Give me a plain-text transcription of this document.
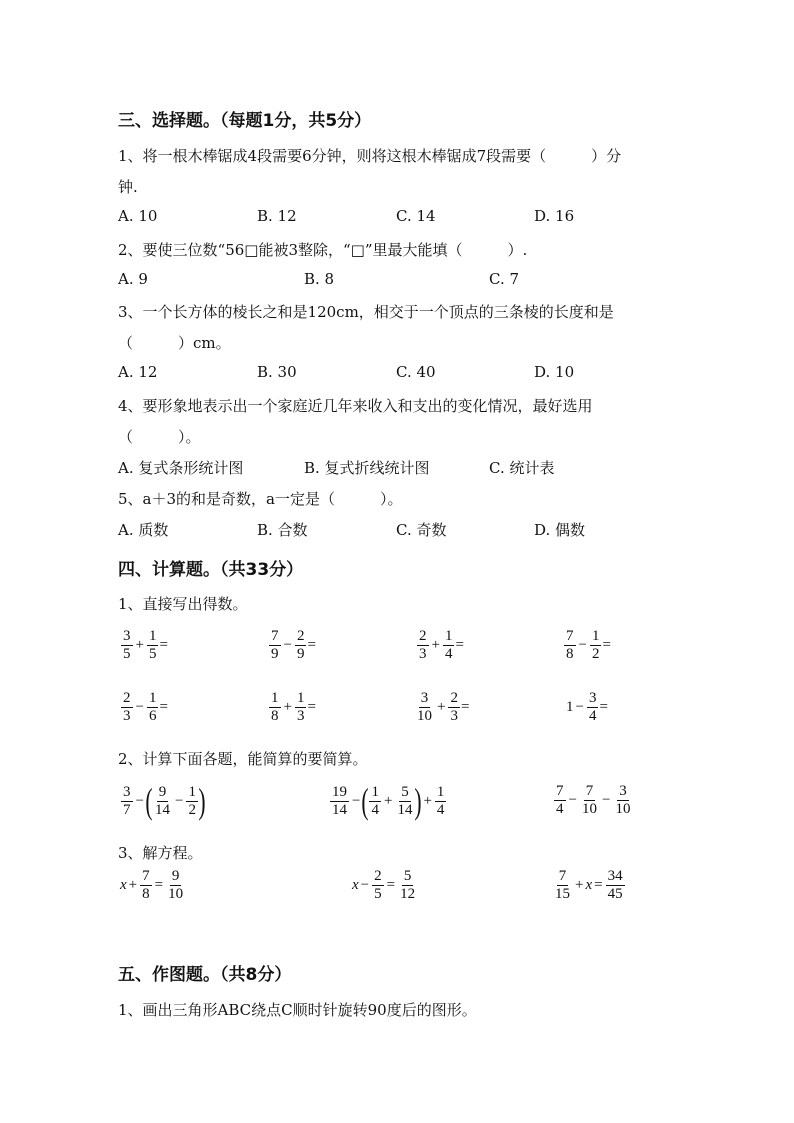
三、选择题。（每题1分，共5分）
1、将一根木棒锯成4段需要6分钟，则将这根木棒锯成7段需要（　　　）分
钟.
A. 10	B. 12	C. 14	D. 16
2、要使三位数“56□能被3整除，“□”里最大能填（　　　）.
A. 9	B. 8	C. 7
3、一个长方体的棱长之和是120cm，相交于一个顶点的三条棱的长度和是
（　　　）cm。
A. 12	B. 30	C. 40	D. 10
4、要形象地表示出一个家庭近几年来收入和支出的变化情况，最好选用
（　　　）。
A. 复式条形统计图	B. 复式折线统计图	C. 统计表
5、a＋3的和是奇数，a一定是（　　　）。
A. 质数	B. 合数	C. 奇数	D. 偶数
四、计算题。（共33分）
1、直接写出得数。
$\frac{3}{5} + \frac{1}{5}$ =	$\frac{7}{9} - \frac{2}{9}$ =	$\frac{2}{3} + \frac{1}{4}$ =	$\frac{7}{8} - \frac{1}{2}$ =
$\frac{2}{3} - \frac{1}{6}$ =	$\frac{1}{8} + \frac{1}{3}$ =	$\frac{3}{10} + \frac{2}{3}$ =	$1 - \frac{3}{4}$ =
2、计算下面各题，能简算的要简算。
$\frac{3}{7}$ − ( $\frac{9}{14} - \frac{1}{2}$ )	$\frac{19}{14}$ − ( $\frac{1}{4} + \frac{5}{14}$ ) + $\frac{1}{4}$	$\frac{7}{4} - \frac{7}{10} - \frac{3}{10}$
3、解方程。
$x + \frac{7}{8} = \frac{9}{10}$	$x - \frac{2}{5} = \frac{5}{12}$	$\frac{7}{15} + x = \frac{34}{45}$
五、作图题。（共8分）
1、画出三角形ABC绕点C顺时针旋转90度后的图形。
